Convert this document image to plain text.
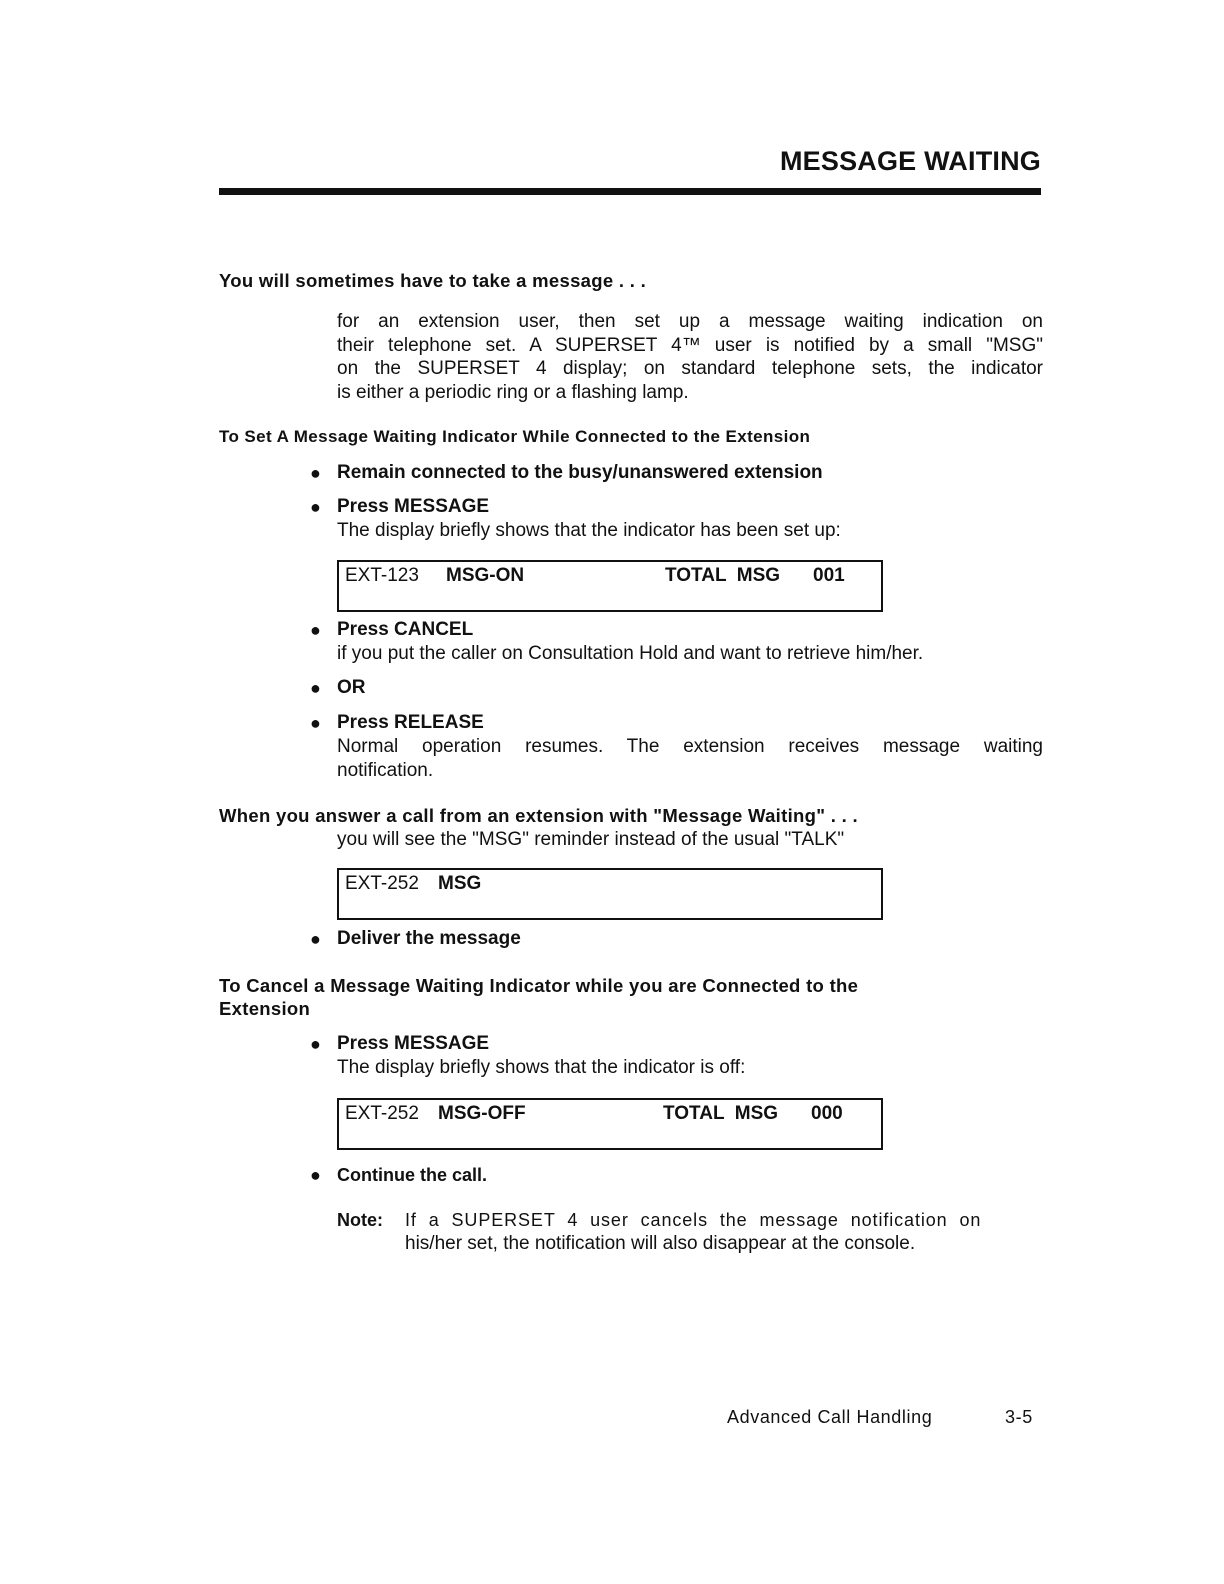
MESSAGE WAITING
You will sometimes have to take a message . . .
for an extension user, then set up a message waiting indication on
their telephone set. A SUPERSET 4™ user is notified by a small "MSG"
on the SUPERSET 4 display; on standard telephone sets, the indicator
is either a periodic ring or a flashing lamp.
To Set A Message Waiting Indicator While Connected to the Extension
● Remain connected to the busy/unanswered extension
● Press MESSAGE
The display briefly shows that the indicator has been set up:
EXT-123 MSG-ON	TOTAL  MSG 001
● Press CANCEL
if you put the caller on Consultation Hold and want to retrieve him/her.
● OR
● Press RELEASE
Normal operation resumes. The extension receives message waiting
notification.
When you answer a call from an extension with "Message Waiting" . . .
you will see the "MSG" reminder instead of the usual "TALK"
EXT-252 MSG
● Deliver the message
To Cancel a Message Waiting Indicator while you are Connected to the
Extension
● Press MESSAGE
The display briefly shows that the indicator is off:
EXT-252 MSG-OFF	TOTAL  MSG 000
● Continue the call.
Note: If a SUPERSET 4 user cancels the message notification on
his/her set, the notification will also disappear at the console.
Advanced Call Handling	3-5
